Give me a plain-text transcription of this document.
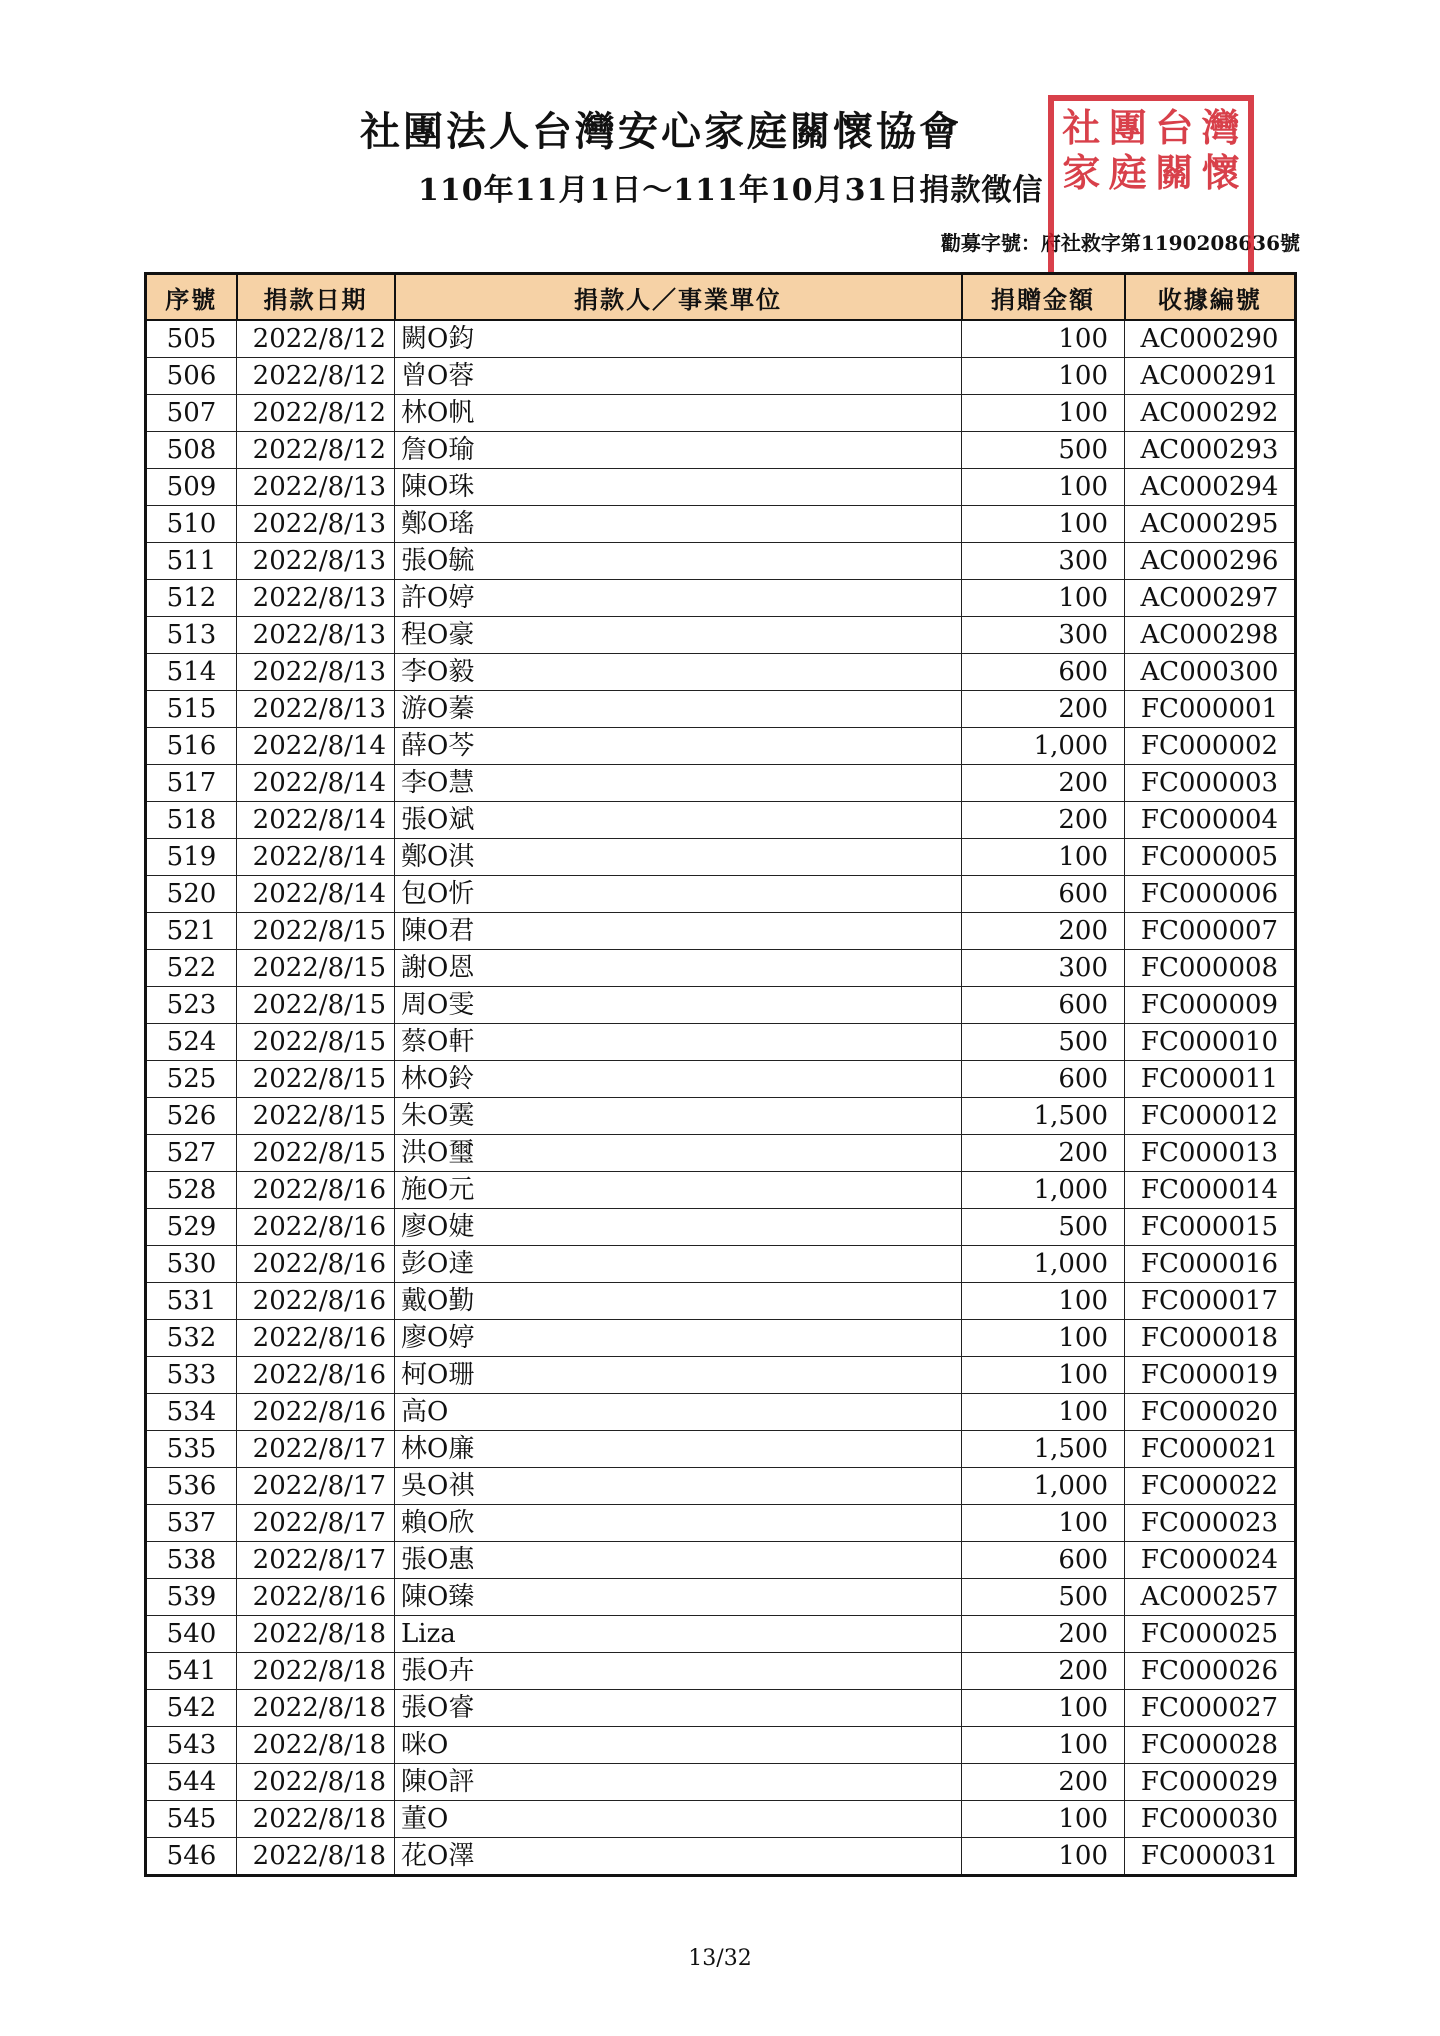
社團法人台灣安心家庭關懷協會
110年11月1日～111年10月31日捐款徵信
勸募字號：府社救字第1190208636號
社 團 台 灣
家 庭 關 懷
序號	捐款日期	捐款人／事業單位	捐贈金額	收據編號
505	2022/8/12	闕O鈞	100	AC000290
506	2022/8/12	曾O蓉	100	AC000291
507	2022/8/12	林O帆	100	AC000292
508	2022/8/12	詹O瑜	500	AC000293
509	2022/8/13	陳O珠	100	AC000294
510	2022/8/13	鄭O瑤	100	AC000295
511	2022/8/13	張O毓	300	AC000296
512	2022/8/13	許O婷	100	AC000297
513	2022/8/13	程O豪	300	AC000298
514	2022/8/13	李O毅	600	AC000300
515	2022/8/13	游O蓁	200	FC000001
516	2022/8/14	薛O芩	1,000	FC000002
517	2022/8/14	李O慧	200	FC000003
518	2022/8/14	張O斌	200	FC000004
519	2022/8/14	鄭O淇	100	FC000005
520	2022/8/14	包O忻	600	FC000006
521	2022/8/15	陳O君	200	FC000007
522	2022/8/15	謝O恩	300	FC000008
523	2022/8/15	周O雯	600	FC000009
524	2022/8/15	蔡O軒	500	FC000010
525	2022/8/15	林O鈴	600	FC000011
526	2022/8/15	朱O霙	1,500	FC000012
527	2022/8/15	洪O璽	200	FC000013
528	2022/8/16	施O元	1,000	FC000014
529	2022/8/16	廖O婕	500	FC000015
530	2022/8/16	彭O達	1,000	FC000016
531	2022/8/16	戴O勤	100	FC000017
532	2022/8/16	廖O婷	100	FC000018
533	2022/8/16	柯O珊	100	FC000019
534	2022/8/16	高O	100	FC000020
535	2022/8/17	林O廉	1,500	FC000021
536	2022/8/17	吳O祺	1,000	FC000022
537	2022/8/17	賴O欣	100	FC000023
538	2022/8/17	張O惠	600	FC000024
539	2022/8/16	陳O臻	500	AC000257
540	2022/8/18	Liza	200	FC000025
541	2022/8/18	張O卉	200	FC000026
542	2022/8/18	張O睿	100	FC000027
543	2022/8/18	咪O	100	FC000028
544	2022/8/18	陳O評	200	FC000029
545	2022/8/18	董O	100	FC000030
546	2022/8/18	花O澤	100	FC000031
13/32
